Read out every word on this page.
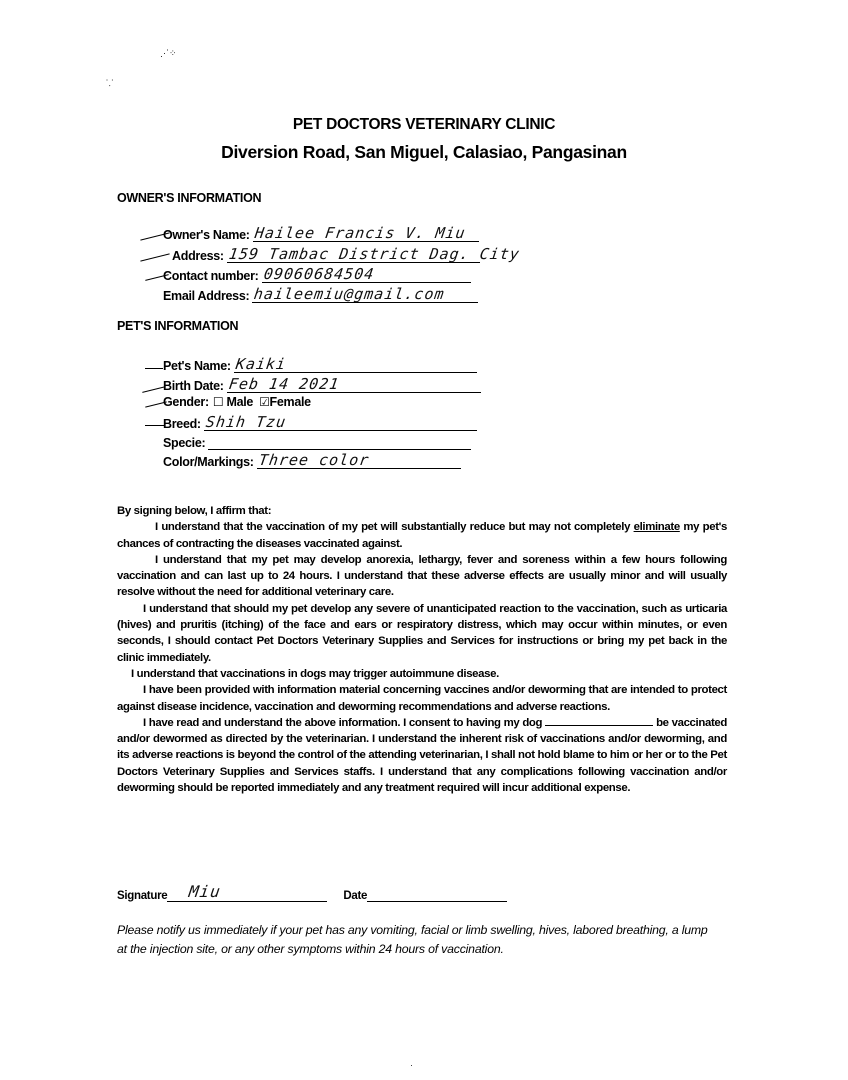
⋰⁘
⸪
·
PET DOCTORS VETERINARY CLINIC
Diversion Road, San Miguel, Calasiao, Pangasinan
OWNER'S INFORMATION
Owner's Name: Hailee Francis V. Miu
Address: 159 Tambac District Dag. City
Contact number: 09060684504
Email Address: haileemiu@gmail.com
PET'S INFORMATION
Pet's Name: Kaiki
Birth Date: Feb 14 2021
Gender: ☐ Male ☑Female
Breed: Shih Tzu
Specie:
Color/Markings: Three color

By signing below, I affirm that:

I understand that the vaccination of my pet will substantially reduce but may not completely eliminate my pet's chances of contracting the diseases vaccinated against.

I understand that my pet may develop anorexia, lethargy, fever and soreness within a few hours following vaccination and can last up to 24 hours. I understand that these adverse effects are usually minor and will usually resolve without the need for additional veterinary care.

I understand that should my pet develop any severe of unanticipated reaction to the vaccination, such as urticaria (hives) and pruritis (itching) of the face and ears or respiratory distress, which may occur within minutes, or even seconds, I should contact Pet Doctors Veterinary Supplies and Services for instructions or bring my pet back in the clinic immediately.

I understand that vaccinations in dogs may trigger autoimmune disease.

I have been provided with information material concerning vaccines and/or deworming that are intended to protect against disease incidence, vaccination and deworming recommendations and adverse reactions.

I have read and understand the above information. I consent to having my dog	be vaccinated and/or dewormed as directed by the veterinarian. I understand the inherent risk of vaccinations and/or deworming, and its adverse reactions is beyond the control of the attending veterinarian, I shall not hold blame to him or her or to the Pet Doctors Veterinary Supplies and Services staffs. I understand that any complications following vaccination and/or deworming should be reported immediately and any treatment required will incur additional expense.

Signature Miu	Date
Please notify us immediately if your pet has any vomiting, facial or limb swelling, hives, labored breathing, a lump at the injection site, or any other symptoms within 24 hours of vaccination.
